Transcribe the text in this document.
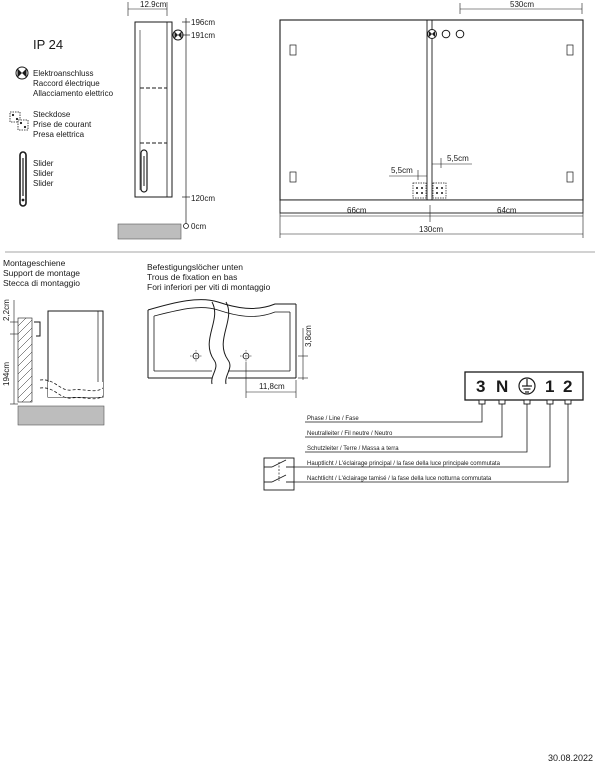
IP 24
Elektroanschluss
Raccord électrique
Allacciamento elettrico
Steckdose
Prise de courant
Presa elettrica
Slider
Slider
Slider
12.9cm
196cm
191cm
120cm
0cm
530cm
5,5cm
5,5cm
66cm	64cm
130cm
Montageschiene
Support de montage
Stecca di montaggio
2,2cm
194cm
Befestigungslöcher unten
Trous de fixation en bas
Fori inferiori per viti di montaggio
3,8cm
11,8cm	3 N 1 2
Phase / Line / Fase
Neutralleiter / Fil neutre / Neutro
Schutzleiter / Terre / Massa a terra
Hauptlicht / L'éclairage principal / la fase della luce principale commutata
Nachtlicht / L'éclairage tamisé / la fase della luce notturna commutata
30.08.2022
